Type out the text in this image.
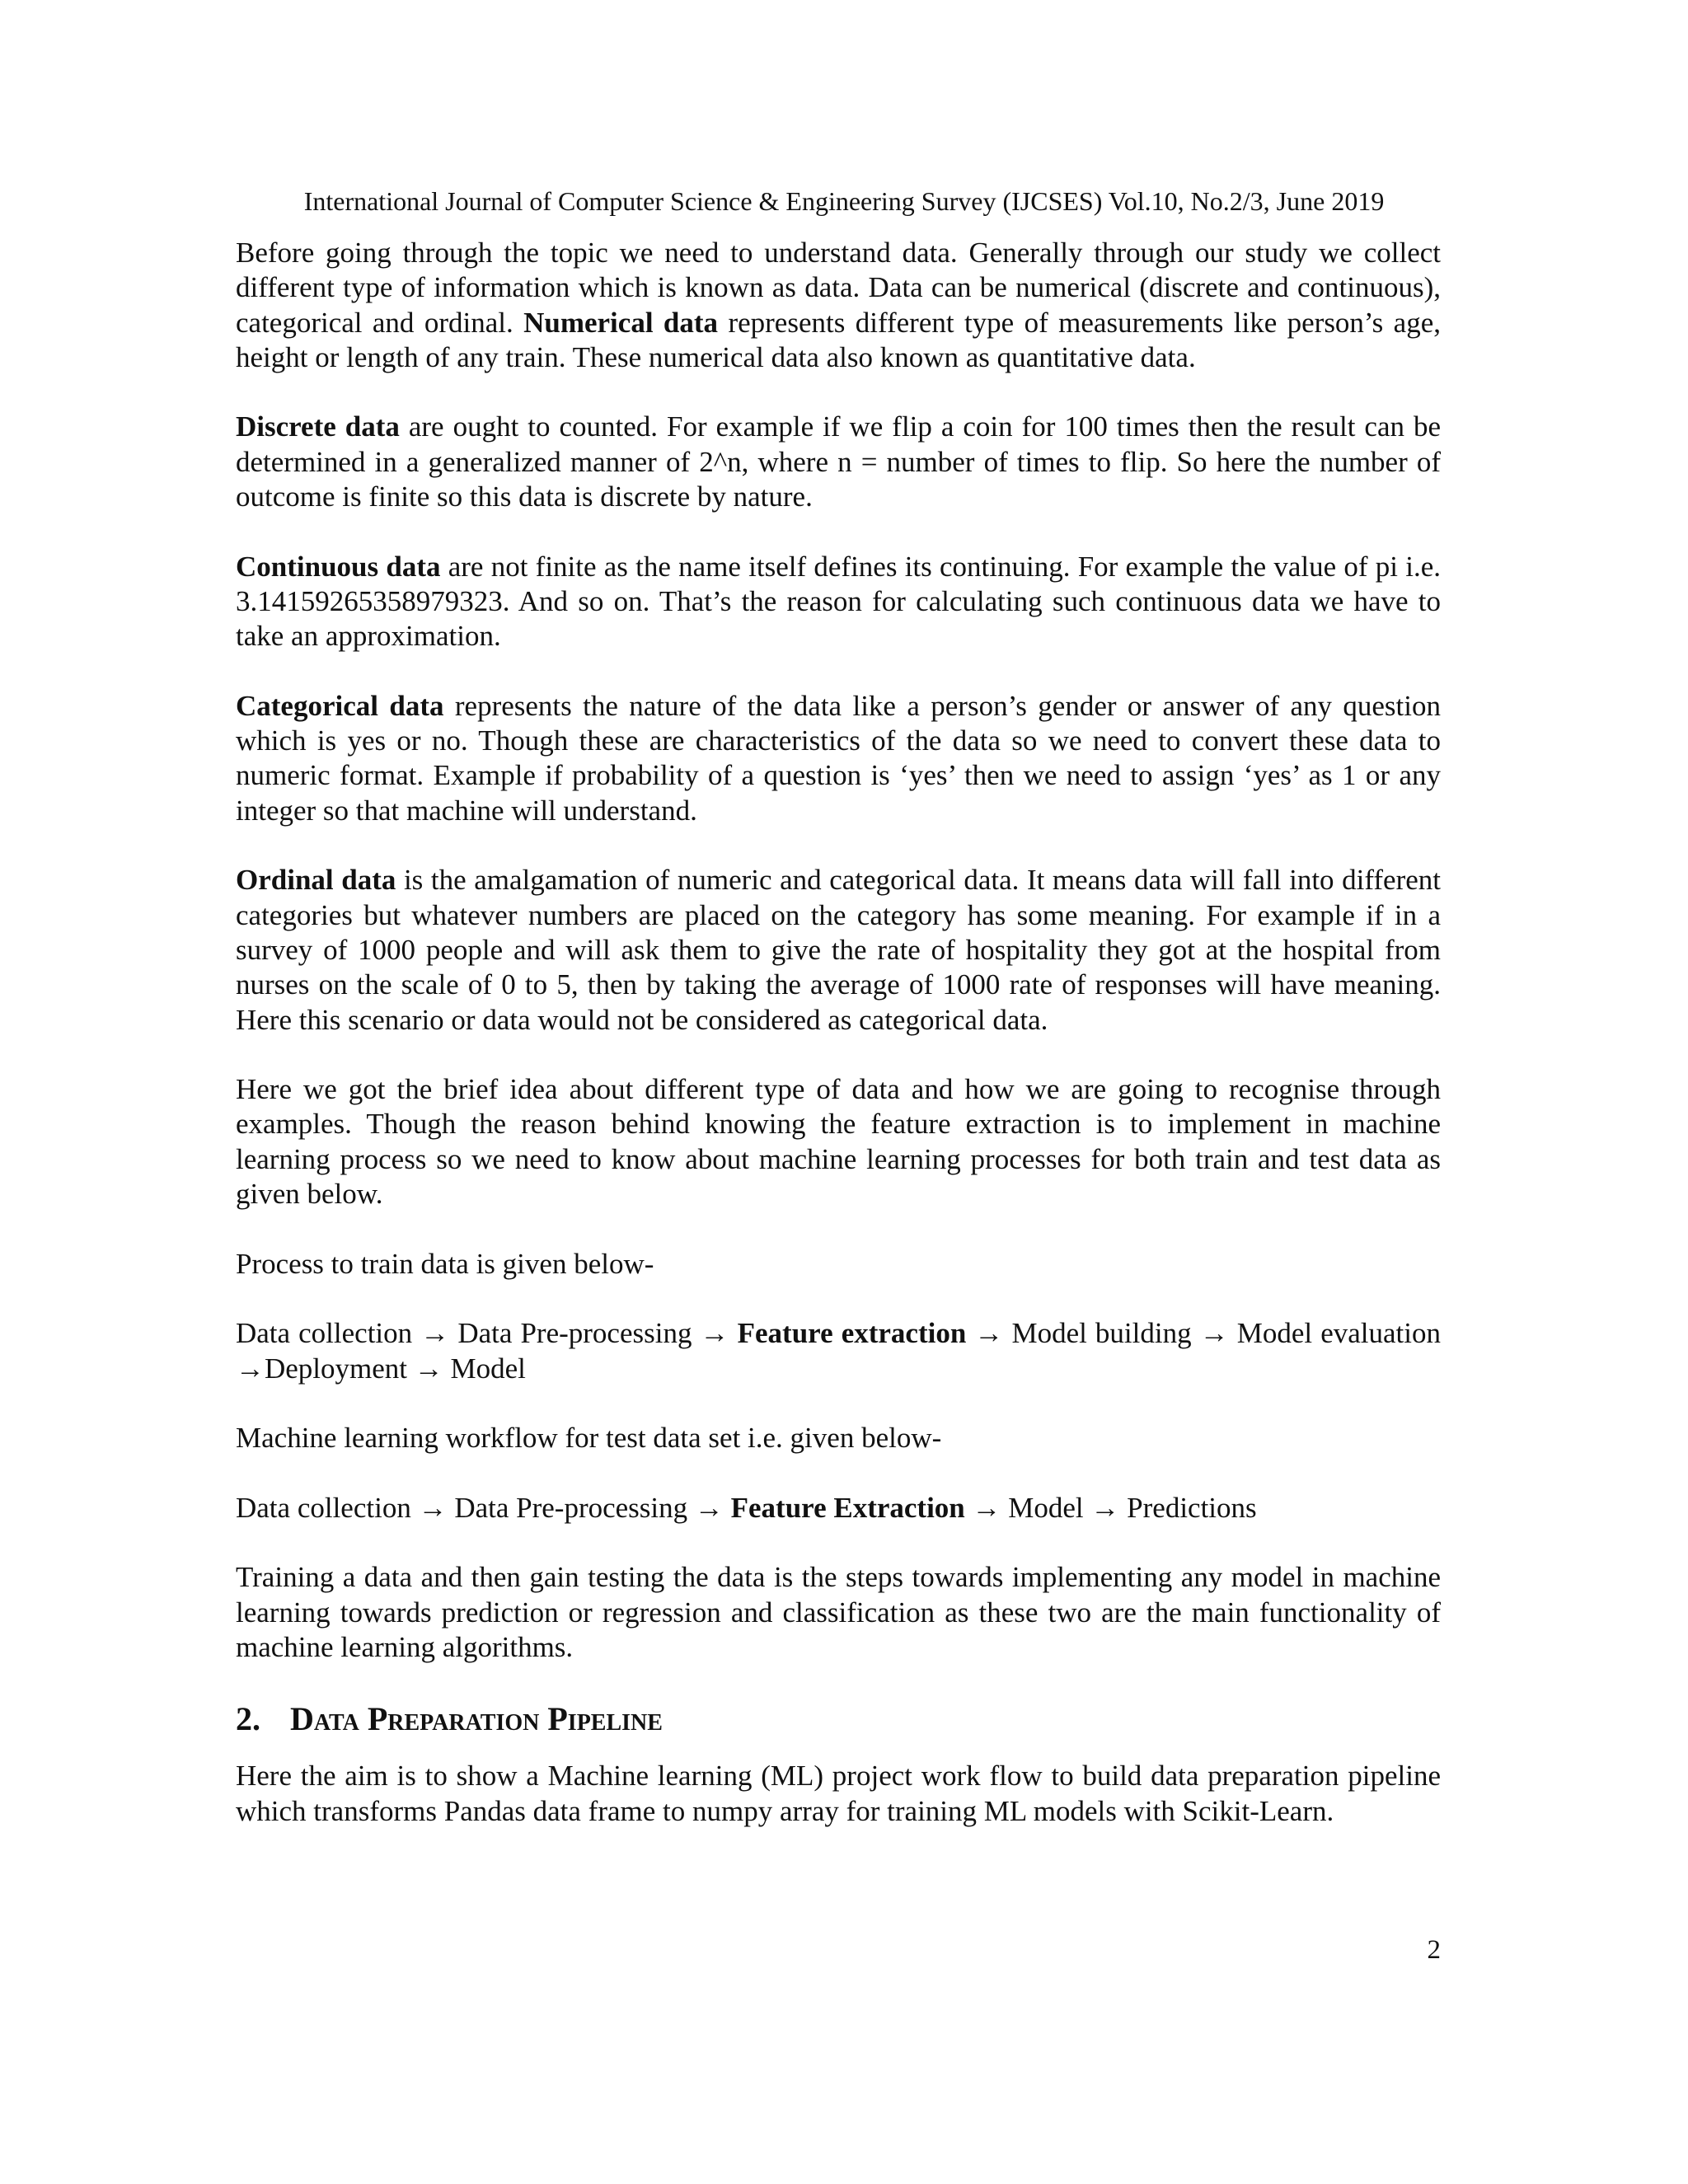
International Journal of Computer Science & Engineering Survey (IJCSES) Vol.10, No.2/3, June 2019

Before going through the topic we need to understand data. Generally through our study we collect different type of information which is known as data. Data can be numerical (discrete and continuous), categorical and ordinal. Numerical data represents different type of measurements like person’s age, height or length of any train. These numerical data also known as quantitative data.

Discrete data are ought to counted. For example if we flip a coin for 100 times then the result can be determined in a generalized manner of 2^n, where n = number of times to flip. So here the number of outcome is finite so this data is discrete by nature.

Continuous data are not finite as the name itself defines its continuing. For example the value of pi i.e. 3.14159265358979323. And so on. That’s the reason for calculating such continuous data we have to take an approximation.

Categorical data represents the nature of the data like a person’s gender or answer of any question which is yes or no. Though these are characteristics of the data so we need to convert these data to numeric format. Example if probability of a question is ‘yes’ then we need to assign ‘yes’ as 1 or any integer so that machine will understand.

Ordinal data is the amalgamation of numeric and categorical data. It means data will fall into different categories but whatever numbers are placed on the category has some meaning. For example if in a survey of 1000 people and will ask them to give the rate of hospitality they got at the hospital from nurses on the scale of 0 to 5, then by taking the average of 1000 rate of responses will have meaning. Here this scenario or data would not be considered as categorical data.

Here we got the brief idea about different type of data and how we are going to recognise through examples. Though the reason behind knowing the feature extraction is to implement in machine learning process so we need to know about machine learning processes for both train and test data as given below.

Process to train data is given below-

Data collection → Data Pre-processing → Feature extraction → Model building → Model evaluation →Deployment → Model

Machine learning workflow for test data set i.e. given below-

Data collection → Data Pre-processing → Feature Extraction → Model → Predictions

Training a data and then gain testing the data is the steps towards implementing any model in machine learning towards prediction or regression and classification as these two are the main functionality of machine learning algorithms.

2. Data Preparation Pipeline

Here the aim is to show a Machine learning (ML) project work flow to build data preparation pipeline which transforms Pandas data frame to numpy array for training ML models with Scikit-Learn.

2
